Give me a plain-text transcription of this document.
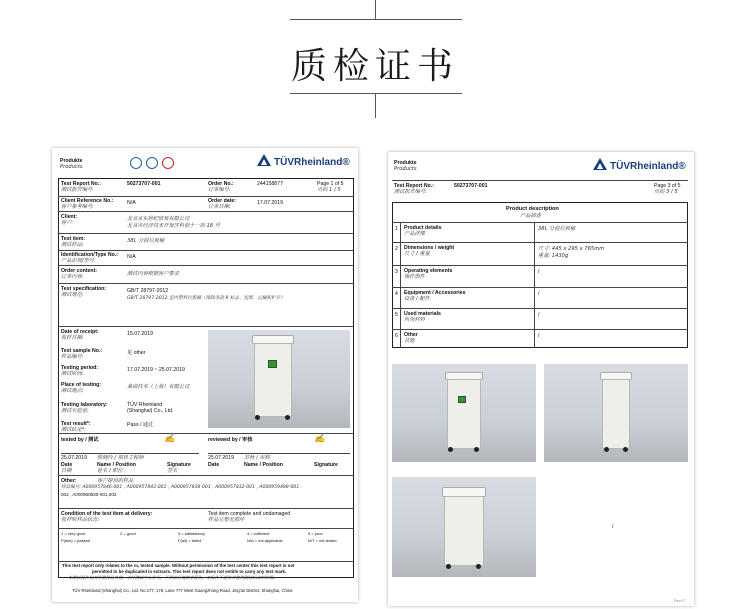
质检证书
Produkte
Products	TÜVRheinland®
Test Report No.:
测试报告编号:
50273707-001	Order No.:
订单编号:
244158877	Page 1 of 5
页码 1 / 5
Client Reference No.:
客户参考编号:
N/A	Order date:
订单日期:
17.07.2019
Client:
客户:
北京京东世纪贸易有限公司
北京市经济技术开发区科创十一街 18 号
Test item:
测试样品:
38L 分段垃圾桶
Identification/Type No.:
产品识别/型号:
N/A
Order content:
订单内容:	测试内容根据客户要求
Test specification:
测试规范:
GB/T 28797-2012
GB/T 28797-2012 室内塑料垃圾桶（排除条款 8 标志、包装、运输和贮存）
Date of receipt:
收样日期:
15.07.2019
Test sample No.:
样品编号:
见 other
Testing period:
测试时间:
17.07.2019 ~ 25.07.2019
Place of testing:
测试地点:
莱茵技术（上海）有限公司
Testing laboratory:
测试实验室:
TÜV Rheinland
(Shanghai) Co., Ltd.
Test result*:
测试结论*:
Pass / 通过
tested by / 测试	reviewed by / 审核
✍	✍
25.07.2019 徐晓玲 / 项目工程师	25.07.2019 苏秋 / 审核
Date
日期
Name / Position
姓名 / 职位
Signature
签名
Date	Name / Position	Signature
Other:	客户提供的样品
样品编号: A000957846-001 , A000957843-001 , A000957838-001 , A000957832-001 , A000959488-001 -
002 , A000960630-001,002
Condition of the test item at delivery:
收样时样品状态:
Test item complete and undamaged
样品完整无损坏
1 = very good	2 = good	3 = satisfactory	4 = sufficient	5 = poor
P(ass) = passed	F(ail) = failed	N/A = not applicable	N/T = not tested
This test report only relates to the m, tested sample. Without permission of the test center this test report is not
permitted to be duplicated in extracts. This test report does not entitle to carry any test mark.
本测试报告仅对所测样品有效，未经测试中心许可，不得部分复制本报告，本报告不能作为使用测试标志的依据。
TÜV Rheinland (Shanghai) Co., Ltd. No.177, 178, Lane 777 West Guangzhong Road, Jing'an District, Shanghai, China
Produkte
Products	TÜVRheinland®
Test Report No.:	50273707-001
测试报告编号:
Page 3 of 5
页码 3 / 5
Product description
产品描述
1 Product details
产品详情
38L 分段垃圾桶
2 Dimensions / weight
尺寸 / 重量
尺寸: 445 x 295 x 765mm
重量: 1430g
3 Operating elements
操作部件
/
4 Equipment / Accessories
设备 / 配件
/
5 Used materials
所用材料
/
6 Other
其他
/
/
Rev.07
